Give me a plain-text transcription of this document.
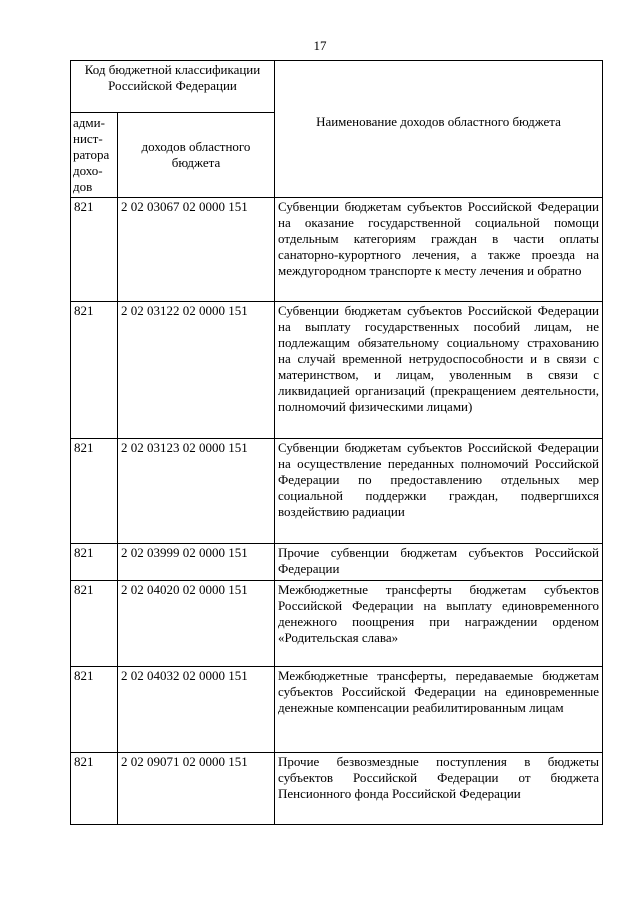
17
Код бюджетной классификации Российской Федерации		Наименование доходов областного бюджета
адми-нист-ратора дохо-дов	доходов областного бюджета	
821	2 02 03067 02 0000 151	Субвенции бюджетам субъектов Российской Федерации на оказание государственной социальной помощи отдельным категориям граждан в части оплаты санаторно-курортного лечения, а также проезда на междугородном транспорте к месту лечения и обратно
821	2 02 03122 02 0000 151	Субвенции бюджетам субъектов Российской Федерации на выплату государственных пособий лицам, не подлежащим обязательному социальному страхованию на случай временной нетрудоспособности и в связи с материнством, и лицам, уволенным в связи с ликвидацией организаций (прекращением деятельности, полномочий физическими лицами)
821	2 02 03123 02 0000 151	Субвенции бюджетам субъектов Российской Федерации на осуществление переданных полномочий Российской Федерации по предоставлению отдельных мер социальной поддержки граждан, подвергшихся воздействию радиации
821	2 02 03999 02 0000 151	Прочие субвенции бюджетам субъектов Российской Федерации
821	2 02 04020 02 0000 151	Межбюджетные трансферты бюджетам субъектов Российской Федерации на выплату единовременного денежного поощрения при награждении орденом «Родительская слава»
821	2 02 04032 02 0000 151	Межбюджетные трансферты, передаваемые бюджетам субъектов Российской Федерации на единовременные денежные компенсации реабилитированным лицам
821	2 02 09071 02 0000 151	Прочие безвозмездные поступления в бюджеты субъектов Российской Федерации от бюджета Пенсионного фонда Российской Федерации
